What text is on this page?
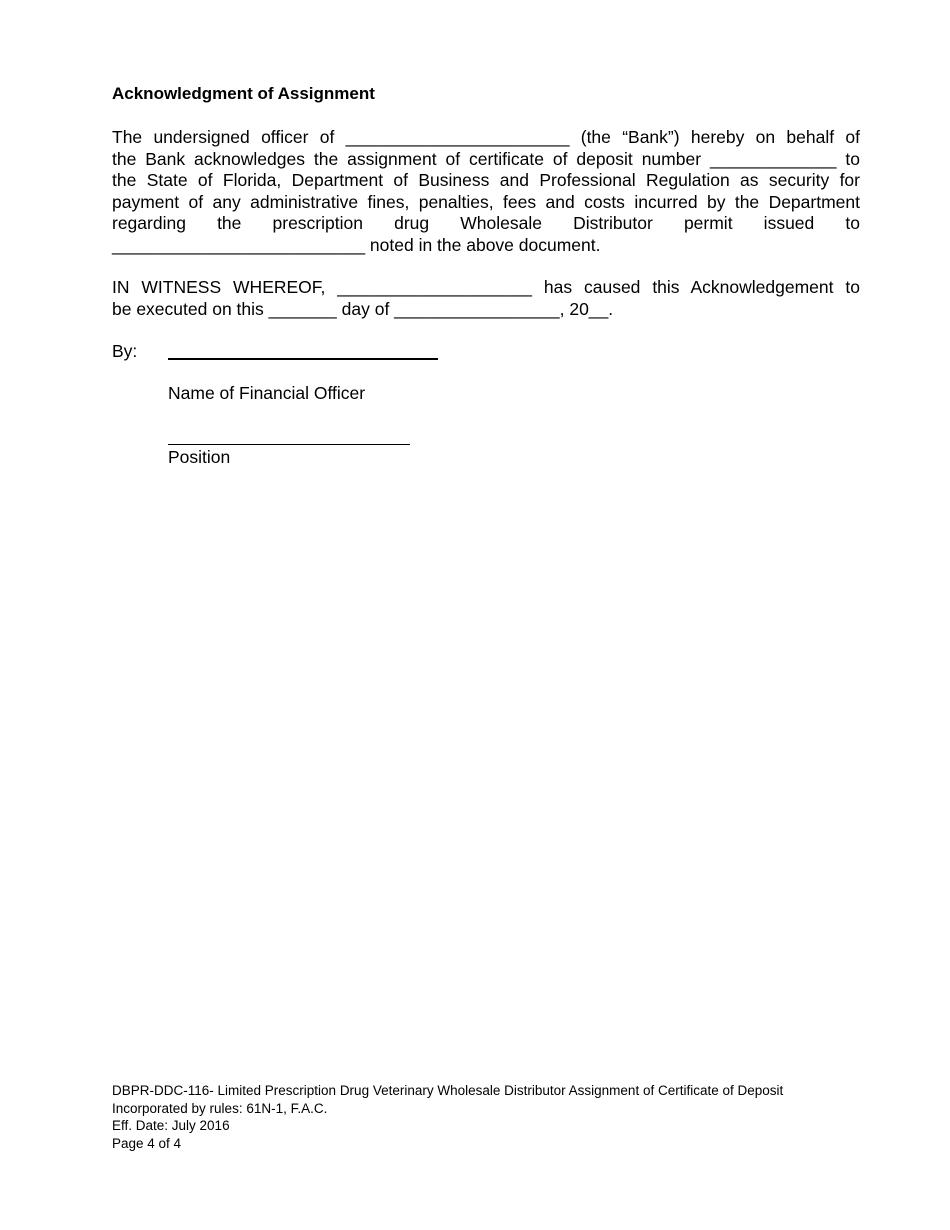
Acknowledgment of Assignment

The undersigned officer of _______________________ (the “Bank”) hereby on behalf of
the Bank acknowledges the assignment of certificate of deposit number _____________ to
the State of Florida, Department of Business and Professional Regulation as security for
payment of any administrative fines, penalties, fees and costs incurred by the Department
regarding the prescription drug Wholesale Distributor permit issued to
__________________________ noted in the above document.

IN WITNESS WHEREOF, ____________________ has caused this Acknowledgement to
be executed on this _______ day of _________________, 20__.

By:
Name of Financial Officer
Position
DBPR-DDC-116- Limited Prescription Drug Veterinary Wholesale Distributor Assignment of Certificate of Deposit
Incorporated by rules: 61N-1, F.A.C.
Eff. Date: July 2016
Page 4 of 4
